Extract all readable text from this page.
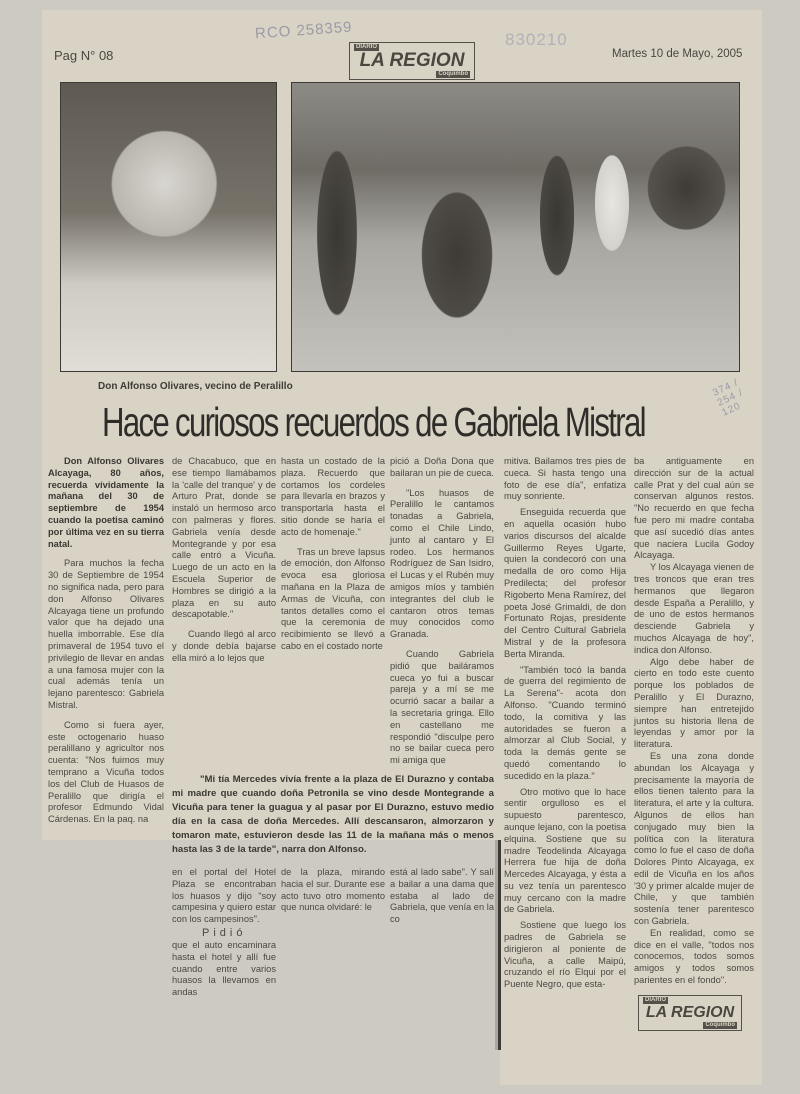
RCO 258359	830210
Pag N° 08
DIARIO
LA REGION
Coquimbo
Martes 10 de Mayo, 2005
Don Alfonso Olivares, vecino de Peralillo
Hace curiosos recuerdos de Gabriela Mistral
374 / 254 / 120

Don Alfonso Olivares Alcayaga, 80 años, recuerda vívidamente la mañana del 30 de septiembre de 1954 cuando la poetisa caminó por última vez en su tierra natal.

Para muchos la fecha 30 de Septiembre de 1954 no significa nada, pero para don Alfonso Olivares Alcayaga tiene un profundo valor que ha dejado una huella imborrable. Ese día primaveral de 1954 tuvo el privilegio de llevar en andas a una famosa mujer con la cual además tenía un lejano parentesco: Gabriela Mistral.

Como si fuera ayer, este octogenario huaso peralillano y agricultor nos cuenta: "Nos fuimos muy temprano a Vicuña todos los del Club de Huasos de Peralillo que dirigía el profesor Edmundo Vidal Cárdenas. En la paq. na

de Chacabuco, que en ese tiempo llamábamos la 'calle del tranque' y de Arturo Prat, donde se instaló un hermoso arco con palmeras y flores. Gabriela venía desde Montegrande y por esa calle entró a Vicuña. Luego de un acto en la Escuela Superior de Hombres se dirigió a la plaza en su auto descapotable."

Cuando llegó al arco y donde debía bajarse ella miró a lo lejos que

hasta un costado de la plaza. Recuerdo que cortamos los cordeles para llevarla en brazos y transportarla hasta el sitio donde se haría el acto de homenaje."

Tras un breve lapsus de emoción, don Alfonso evoca esa gloriosa mañana en la Plaza de Armas de Vicuña, con tantos detalles como el que la ceremonia de recibimiento se llevó a cabo en el costado norte

pició a Doña Dona que bailaran un pie de cueca.

"Los huasos de Peralillo le cantamos tonadas a Gabriela, como el Chile Lindo, junto al cantaro y El rodeo. Los hermanos Rodríguez de San Isidro, el Lucas y el Rubén muy amigos míos y también integrantes del club le cantaron otros temas muy conocidos como Granada.

Cuando Gabriela pidió que bailáramos cueca yo fui a buscar pareja y a mí se me ocurrió sacar a bailar a la secretaria gringa. Ello en castellano me respondió "disculpe pero no se bailar cueca pero mi amiga que

"Mi tía Mercedes vivía frente a la plaza de El Durazno y contaba mi madre que cuando doña Petronila se vino desde Montegrande a Vicuña para tener la guagua y al pasar por El Durazno, estuvo medio día en la casa de doña Mercedes. Allí descansaron, almorzaron y tomaron mate, estuvieron desde las 11 de la mañana más o menos hasta las 3 de la tarde", narra don Alfonso.
en el portal del Hotel Plaza se encontraban los huasos y dijo "soy campesina y quiero estar con los campesinos".
Pidió
que el auto encaminara hasta el hotel y allí fue cuando entre varios huasos la llevamos en andas
de la plaza, mirando hacia el sur. Durante ese acto tuvo otro momento que nunca olvidaré: le
está al lado sabe". Y salí a bailar a una dama que estaba al lado de Gabriela, que venía en la co

mitiva. Bailamos tres pies de cueca. Si hasta tengo una foto de ese día", enfatiza muy sonriente.

Enseguida recuerda que en aquella ocasión hubo varios discursos del alcalde Guillermo Reyes Ugarte, quien la condecoró con una medalla de oro como Hija Predilecta; del profesor Rigoberto Mena Ramírez, del poeta José Grimaldi, de don Fortunato Rojas, presidente del Centro Cultural Gabriela Mistral y de la profesora Berta Miranda.

"También tocó la banda de guerra del regimiento de La Serena"- acota don Alfonso. "Cuando terminó todo, la comitiva y las autoridades se fueron a almorzar al Club Social, y toda la demás gente se quedó comentando lo sucedido en la plaza."

Otro motivo que lo hace sentir orgulloso es el supuesto parentesco, aunque lejano, con la poetisa elquina. Sostiene que su madre Teodelinda Alcayaga Herrera fue hija de doña Mercedes Alcayaga, y ésta a su vez tenía un parentesco muy cercano con la madre de Gabriela.

Sostiene que luego los padres de Gabriela se dirigieron al poniente de Vicuña, a calle Maipú, cruzando el río Elqui por el Puente Negro, que esta-

ba antiguamente en dirección sur de la actual calle Prat y del cual aún se conservan algunos restos. "No recuerdo en que fecha fue pero mi madre contaba que así sucedió días antes que naciera Lucila Godoy Alcayaga.

Y los Alcayaga vienen de tres troncos que eran tres hermanos que llegaron desde España a Peralillo, y de uno de estos hermanos desciende Gabriela y muchos Alcayaga de hoy", indica don Alfonso.

Algo debe haber de cierto en todo este cuento porque los poblados de Peralillo y El Durazno, siempre han entretejido juntos su historia llena de leyendas y amor por la literatura.

Es una zona donde abundan los Alcayaga y precisamente la mayoría de ellos tienen talento para la literatura, el arte y la cultura. Algunos de ellos han conjugado muy bien la política con la literatura como lo fue el caso de doña Dolores Pinto Alcayaga, ex edil de Vicuña en los años '30 y primer alcalde mujer de Chile, y que también sostenía tener parentesco con Gabriela.

En realidad, como se dice en el valle, "todos nos conocemos, todos somos amigos y todos somos parientes en el fondo".

DIARIO
LA REGION
Coquimbo
